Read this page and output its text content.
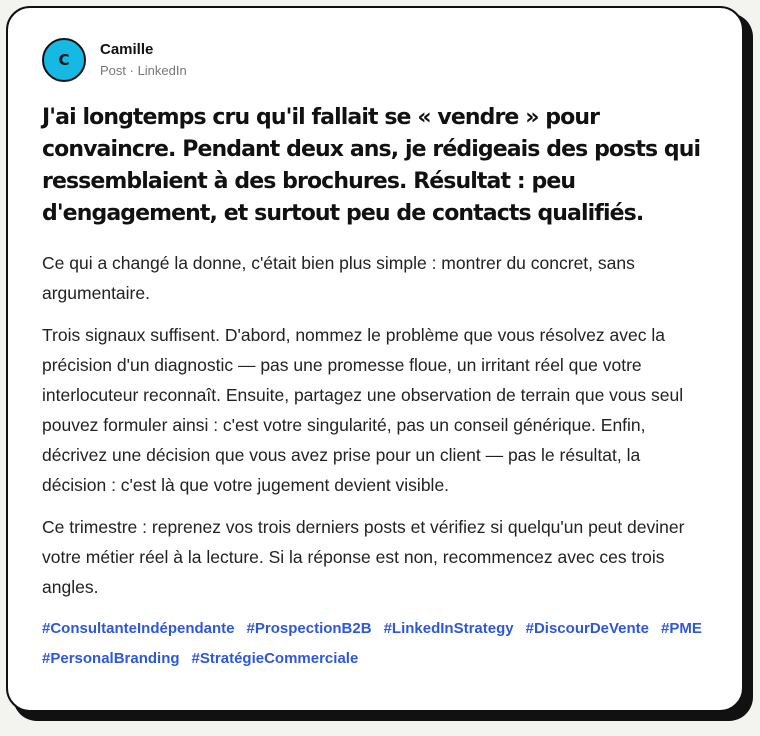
C
Camille
Post · LinkedIn
J'ai longtemps cru qu'il fallait se « vendre » pour convaincre. Pendant deux ans, je rédigeais des posts qui ressemblaient à des brochures. Résultat : peu d'engagement, et surtout peu de contacts qualifiés.

Ce qui a changé la donne, c'était bien plus simple : montrer du concret, sans argumentaire.

Trois signaux suffisent. D'abord, nommez le problème que vous résolvez avec la précision d'un diagnostic — pas une promesse floue, un irritant réel que votre interlocuteur reconnaît. Ensuite, partagez une observation de terrain que vous seul pouvez formuler ainsi : c'est votre singularité, pas un conseil générique. Enfin, décrivez une décision que vous avez prise pour un client — pas le résultat, la décision : c'est là que votre jugement devient visible.

Ce trimestre : reprenez vos trois derniers posts et vérifiez si quelqu'un peut deviner votre métier réel à la lecture. Si la réponse est non, recommencez avec ces trois angles.

#ConsultanteIndépendante #ProspectionB2B #LinkedInStrategy #DiscourDeVente #PME
#PersonalBranding #StratégieCommerciale
